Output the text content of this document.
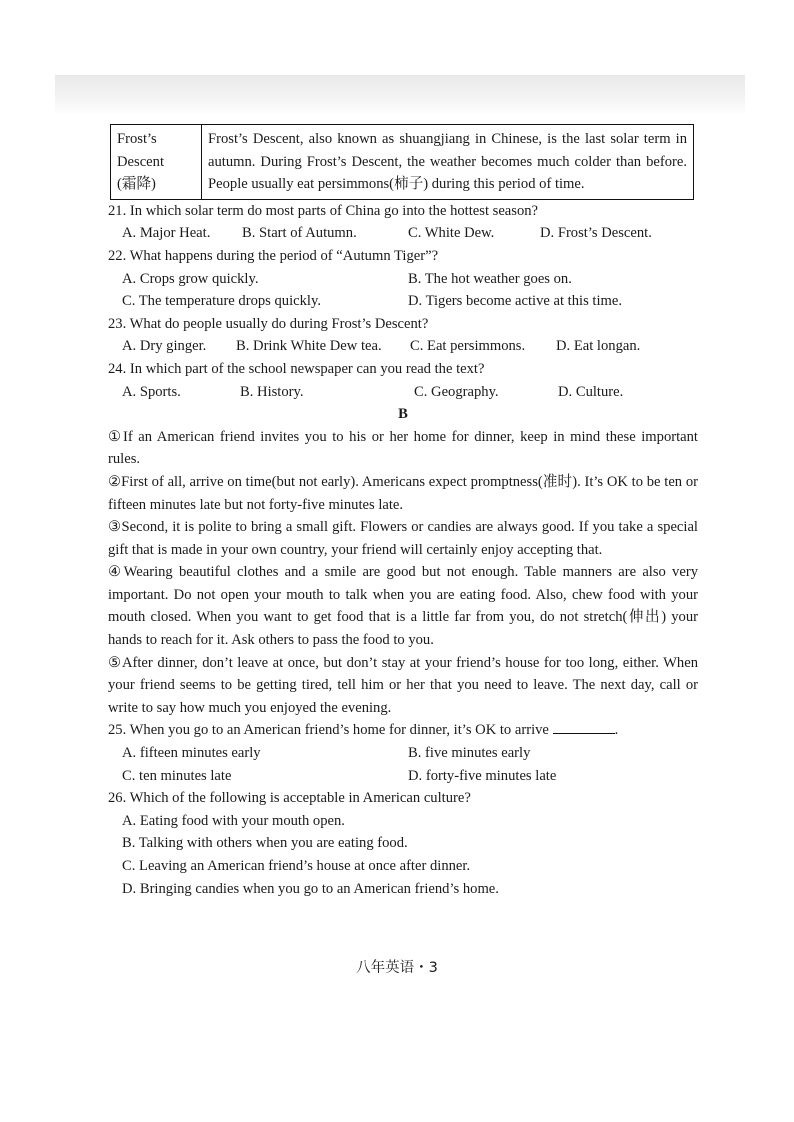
Frost’s
Descent
(霜降)
	Frost’s Descent, also known as shuangjiang in Chinese, is the last solar term in autumn. During Frost’s Descent, the weather becomes much colder than before. People usually eat persimmons(柿子) during this period of time.

21. In which solar term do most parts of China go into the hottest season?

A. Major Heat.	B. Start of Autumn.	C. White Dew.	D. Frost’s Descent.

22. What happens during the period of “Autumn Tiger”?

A. Crops grow quickly.	B. The hot weather goes on.
C. The temperature drops quickly.	D. Tigers become active at this time.

23. What do people usually do during Frost’s Descent?

A. Dry ginger.	B. Drink White Dew tea.	C. Eat persimmons.	D. Eat longan.

24. In which part of the school newspaper can you read the text?

A. Sports.	B. History.	C. Geography.	D. Culture.

B

①If an American friend invites you to his or her home for dinner, keep in mind these important rules.

②First of all, arrive on time(but not early). Americans expect promptness(准时). It’s OK to be ten or fifteen minutes late but not forty-five minutes late.

③Second, it is polite to bring a small gift. Flowers or candies are always good. If you take a special gift that is made in your own country, your friend will certainly enjoy accepting that.

④Wearing beautiful clothes and a smile are good but not enough. Table manners are also very important. Do not open your mouth to talk when you are eating food. Also, chew food with your mouth closed. When you want to get food that is a little far from you, do not stretch(伸出) your hands to reach for it. Ask others to pass the food to you.

⑤After dinner, don’t leave at once, but don’t stay at your friend’s house for too long, either. When your friend seems to be getting tired, tell him or her that you need to leave. The next day, call or write to say how much you enjoyed the evening.

25. When you go to an American friend’s home for dinner, it’s OK to arrive	.

A. fifteen minutes early	B. five minutes early
C. ten minutes late	D. forty-five minutes late

26. Which of the following is acceptable in American culture?

A. Eating food with your mouth open.

B. Talking with others when you are eating food.

C. Leaving an American friend’s house at once after dinner.

D. Bringing candies when you go to an American friend’s home.

八年英语・3
